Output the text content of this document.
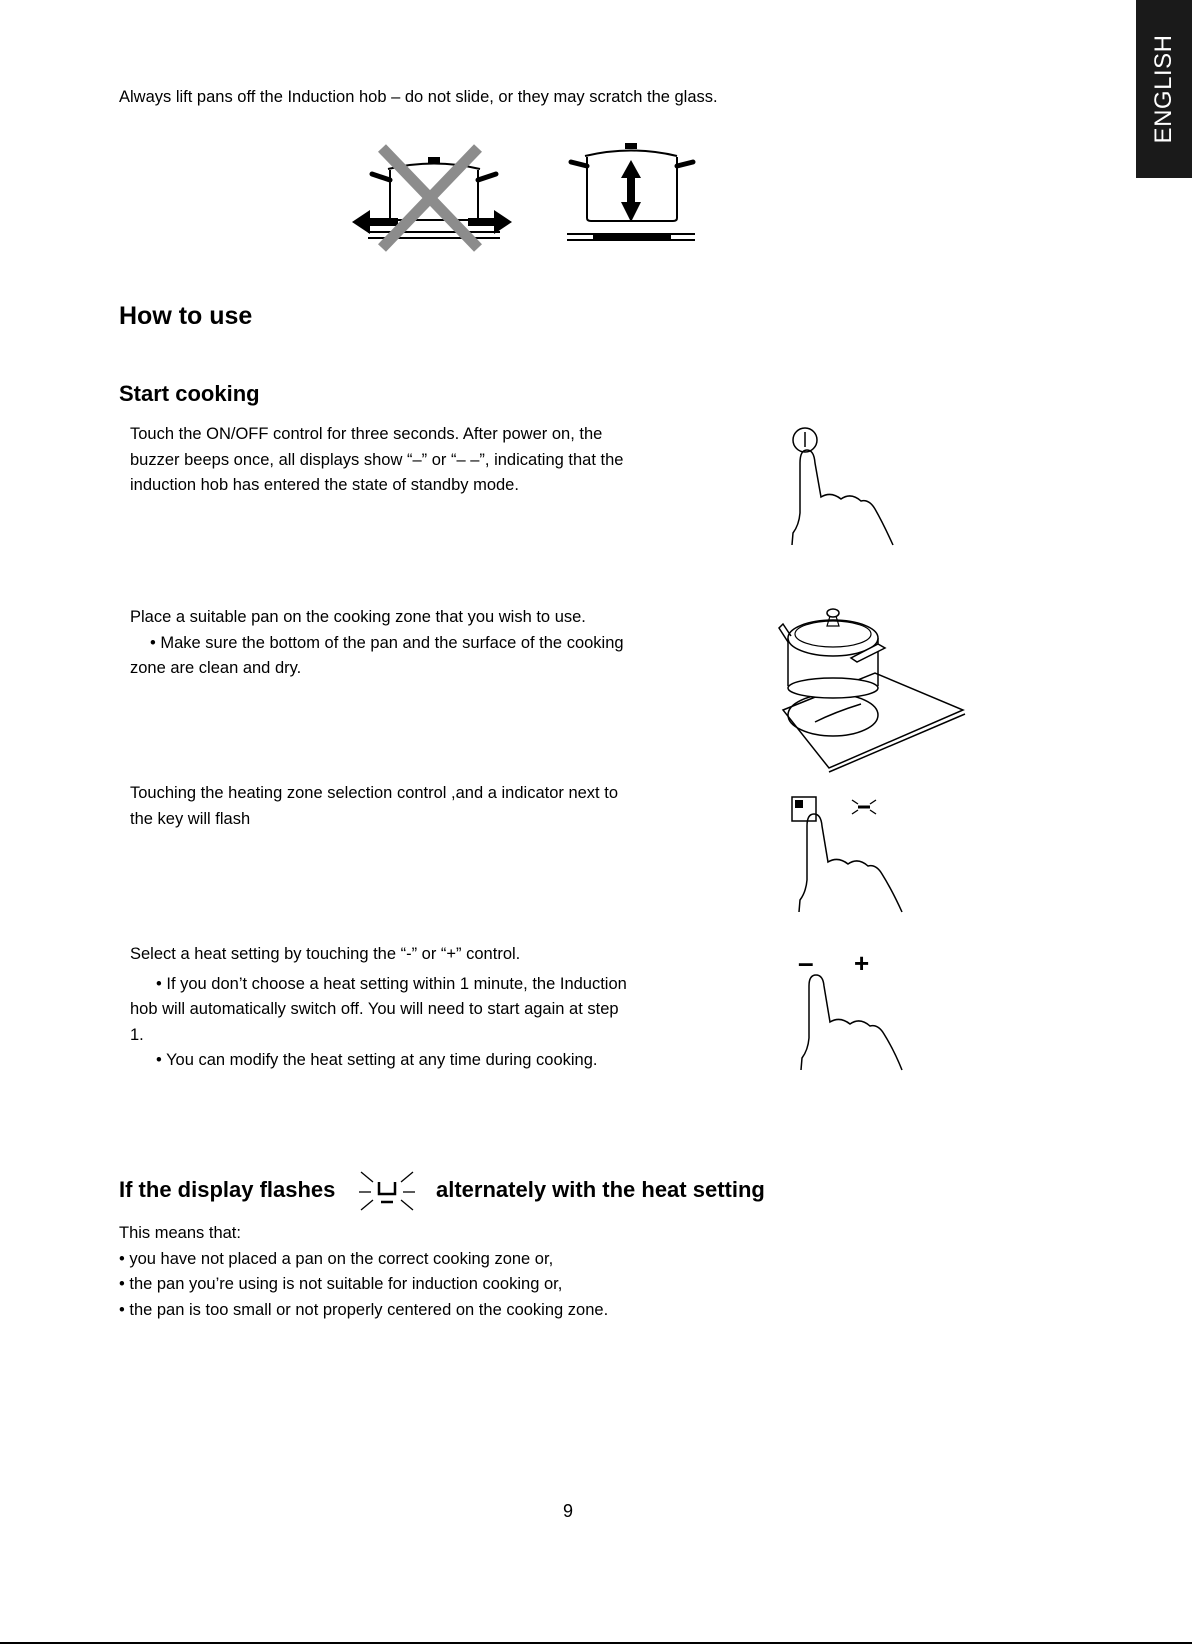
ENGLISH

Always lift pans off the Induction hob – do not slide, or they may scratch the glass.

How to use
Start cooking

Touch the ON/OFF control for three seconds. After power on, the

buzzer beeps once, all displays show “–” or “– –”, indicating that the

induction hob has entered the state of standby mode.

Place a suitable pan on the cooking zone that you wish to use.

• Make sure the bottom of the pan and the surface of the cooking

zone are clean and dry.

Touching the heating zone selection control ,and a indicator next to

the key will flash

Select a heat setting by touching the “-” or “+” control.

• If you don’t choose a heat setting within 1 minute, the Induction

hob will automatically switch off. You will need to start again at step

1.

• You can modify the heat setting at any time during cooking.

– +
If the display flashes	alternately with the heat setting

This means that:

• you have not placed a pan on the correct cooking zone or,

• the pan you’re using is not suitable for induction cooking or,

• the pan is too small or not properly centered on the cooking zone.

9
